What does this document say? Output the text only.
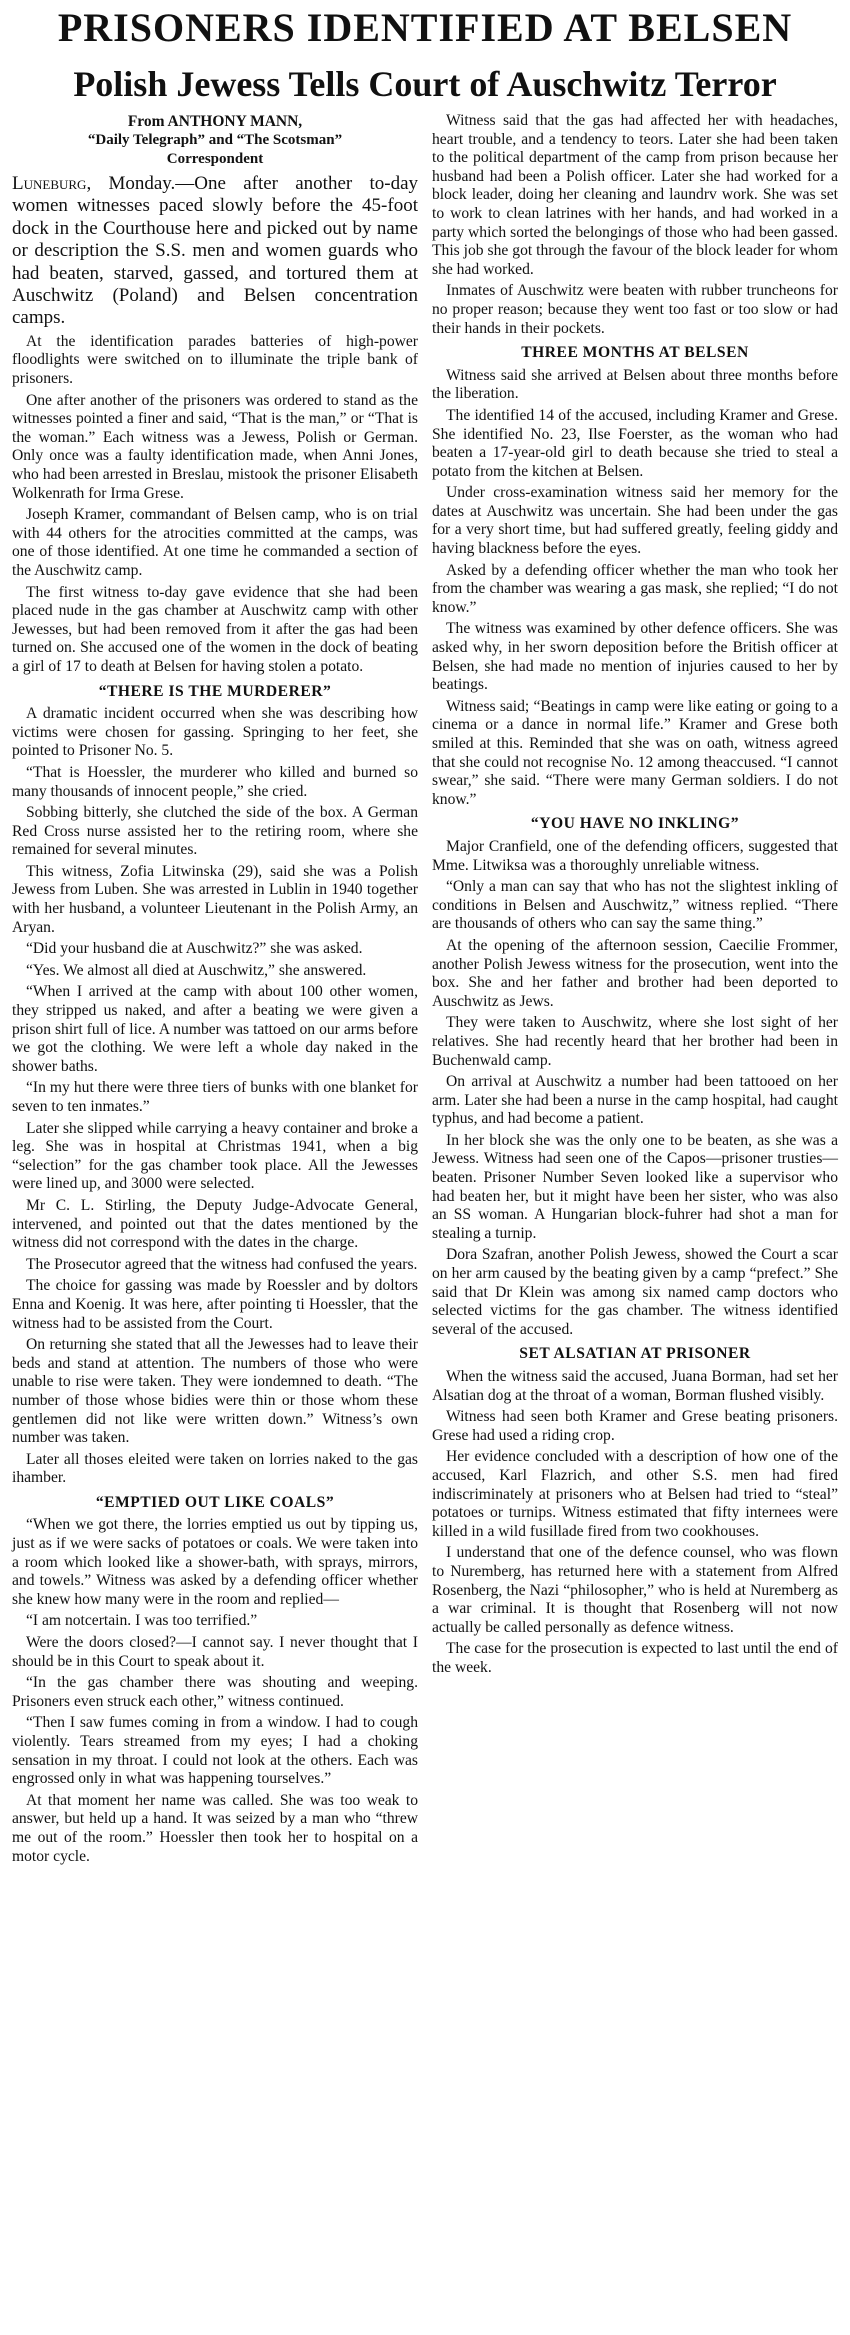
PRISONERS IDENTIFIED AT BELSEN
Polish Jewess Tells Court of Auschwitz Terror
From ANTHONY MANN,
“Daily Telegraph” and “The Scotsman”
Correspondent

Luneburg, Monday.—One after another to-day women witnesses paced slowly before the 45-foot dock in the Courthouse here and picked out by name or description the S.S. men and women guards who had beaten, starved, gassed, and tortured them at Auschwitz (Poland) and Belsen concentration camps.

At the identification parades batteries of high-power floodlights were switched on to illuminate the triple bank of prisoners.

One after another of the prisoners was ordered to stand as the witnesses pointed a finer and said, “That is the man,” or “That is the woman.” Each witness was a Jewess, Polish or German. Only once was a faulty identification made, when Anni Jones, who had been arrested in Breslau, mistook the prisoner Elisabeth Wolkenrath for Irma Grese.

Joseph Kramer, commandant of Belsen camp, who is on trial with 44 others for the atrocities committed at the camps, was one of those identified. At one time he commanded a section of the Auschwitz camp.

The first witness to-day gave evidence that she had been placed nude in the gas chamber at Auschwitz camp with other Jewesses, but had been removed from it after the gas had been turned on. She accused one of the women in the dock of beating a girl of 17 to death at Belsen for having stolen a potato.

“THERE IS THE MURDERER”

A dramatic incident occurred when she was describing how victims were chosen for gassing. Springing to her feet, she pointed to Prisoner No. 5.

“That is Hoessler, the murderer who killed and burned so many thousands of innocent people,” she cried.

Sobbing bitterly, she clutched the side of the box. A German Red Cross nurse assisted her to the retiring room, where she remained for several minutes.

This witness, Zofia Litwinska (29), said she was a Polish Jewess from Luben. She was arrested in Lublin in 1940 together with her husband, a volunteer Lieutenant in the Polish Army, an Aryan.

“Did your husband die at Auschwitz?” she was asked.

“Yes. We almost all died at Auschwitz,” she answered.

“When I arrived at the camp with about 100 other women, they stripped us naked, and after a beating we were given a prison shirt full of lice. A number was tattoed on our arms before we got the clothing. We were left a whole day naked in the shower baths.

“In my hut there were three tiers of bunks with one blanket for seven to ten inmates.”

Later she slipped while carrying a heavy container and broke a leg. She was in hospital at Christmas 1941, when a big “selection” for the gas chamber took place. All the Jewesses were lined up, and 3000 were selected.

Mr C. L. Stirling, the Deputy Judge-Advocate General, intervened, and pointed out that the dates mentioned by the witness did not correspond with the dates in the charge.

The Prosecutor agreed that the witness had confused the years.

The choice for gassing was made by Roessler and by doltors Enna and Koenig. It was here, after pointing ti Hoessler, that the witness had to be assisted from the Court.

On returning she stated that all the Jewesses had to leave their beds and stand at attention. The numbers of those who were unable to rise were taken. They were iondemned to death. “The number of those whose bidies were thin or those whom these gentlemen did not like were written down.” Witness’s own number was taken.

Later all thoses eleited were taken on lorries naked to the gas ihamber.

“EMPTIED OUT LIKE COALS”

“When we got there, the lorries emptied us out by tipping us, just as if we were sacks of potatoes or coals. We were taken into a room which looked like a shower-bath, with sprays, mirrors, and towels.” Witness was asked by a defending officer whether she knew how many were in the room and replied—

“I am notcertain. I was too terrified.”

Were the doors closed?—I cannot say. I never thought that I should be in this Court to speak about it.

“In the gas chamber there was shouting and weeping. Prisoners even struck each other,” witness continued.

“Then I saw fumes coming in from a window. I had to cough violently. Tears streamed from my eyes; I had a choking sensation in my throat. I could not look at the others. Each was engrossed only in what was happening tourselves.”

At that moment her name was called. She was too weak to answer, but held up a hand. It was seized by a man who “threw me out of the room.” Hoessler then took her to hospital on a motor cycle.

Witness said that the gas had affected her with headaches, heart trouble, and a tendency to teors. Later she had been taken to the political department of the camp from prison because her husband had been a Polish officer. Later she had worked for a block leader, doing her cleaning and laundrv work. She was set to work to clean latrines with her hands, and had worked in a party which sorted the belongings of those who had been gassed. This job she got through the favour of the block leader for whom she had worked.

Inmates of Auschwitz were beaten with rubber truncheons for no proper reason; because they went too fast or too slow or had their hands in their pockets.

THREE MONTHS AT BELSEN

Witness said she arrived at Belsen about three months before the liberation.

The identified 14 of the accused, including Kramer and Grese. She identified No. 23, Ilse Foerster, as the woman who had beaten a 17-year-old girl to death because she tried to steal a potato from the kitchen at Belsen.

Under cross-examination witness said her memory for the dates at Auschwitz was uncertain. She had been under the gas for a very short time, but had suffered greatly, feeling giddy and having blackness before the eyes.

Asked by a defending officer whether the man who took her from the chamber was wearing a gas mask, she replied; “I do not know.”

The witness was examined by other defence officers. She was asked why, in her sworn deposition before the British officer at Belsen, she had made no mention of injuries caused to her by beatings.

Witness said; “Beatings in camp were like eating or going to a cinema or a dance in normal life.” Kramer and Grese both smiled at this. Reminded that she was on oath, witness agreed that she could not recognise No. 12 among theaccused. “I cannot swear,” she said. “There were many German soldiers. I do not know.”

“YOU HAVE NO INKLING”

Major Cranfield, one of the defending officers, suggested that Mme. Litwiksa was a thoroughly unreliable witness.

“Only a man can say that who has not the slightest inkling of conditions in Belsen and Auschwitz,” witness replied. “There are thousands of others who can say the same thing.”

At the opening of the afternoon session, Caecilie Frommer, another Polish Jewess witness for the prosecution, went into the box. She and her father and brother had been deported to Auschwitz as Jews.

They were taken to Auschwitz, where she lost sight of her relatives. She had recently heard that her brother had been in Buchenwald camp.

On arrival at Auschwitz a number had been tattooed on her arm. Later she had been a nurse in the camp hospital, had caught typhus, and had become a patient.

In her block she was the only one to be beaten, as she was a Jewess. Witness had seen one of the Capos—prisoner trusties—beaten. Prisoner Number Seven looked like a supervisor who had beaten her, but it might have been her sister, who was also an SS woman. A Hungarian block-fuhrer had shot a man for stealing a turnip.

Dora Szafran, another Polish Jewess, showed the Court a scar on her arm caused by the beating given by a camp “prefect.” She said that Dr Klein was among six named camp doctors who selected victims for the gas chamber. The witness identified several of the accused.

SET ALSATIAN AT PRISONER

When the witness said the accused, Juana Borman, had set her Alsatian dog at the throat of a woman, Borman flushed visibly.

Witness had seen both Kramer and Grese beating prisoners. Grese had used a riding crop.

Her evidence concluded with a description of how one of the accused, Karl Flazrich, and other S.S. men had fired indiscriminately at prisoners who at Belsen had tried to “steal” potatoes or turnips. Witness estimated that fifty internees were killed in a wild fusillade fired from two cookhouses.

I understand that one of the defence counsel, who was flown to Nuremberg, has returned here with a statement from Alfred Rosenberg, the Nazi “philosopher,” who is held at Nuremberg as a war criminal. It is thought that Rosenberg will not now actually be called personally as defence witness.

The case for the prosecution is expected to last until the end of the week.
